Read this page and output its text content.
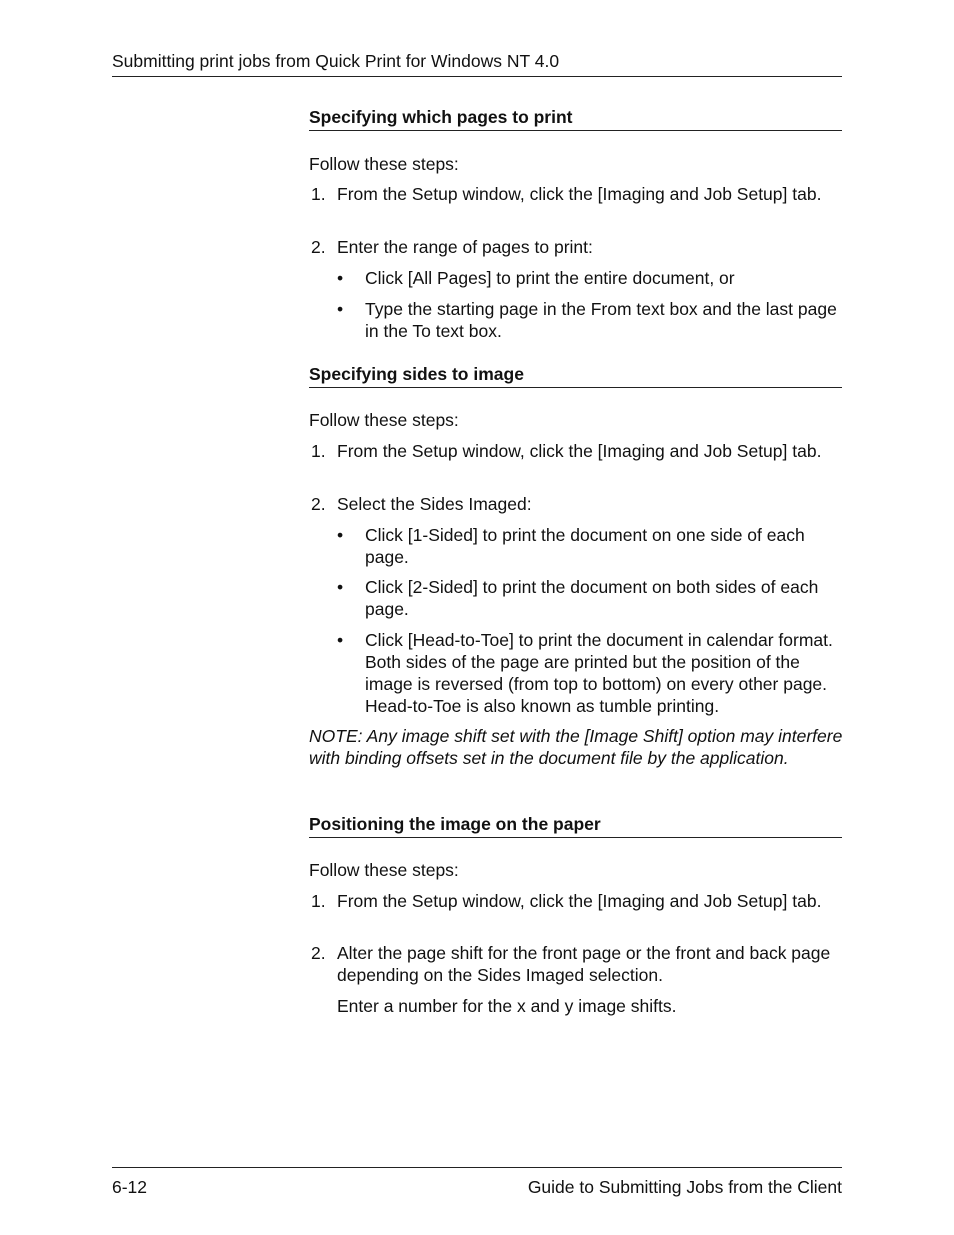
Submitting print jobs from Quick Print for Windows NT 4.0
Specifying which pages to print

Follow these steps:

1. From the Setup window, click the [Imaging and Job Setup] tab.
2. Enter the range of pages to print:
• Click [All Pages] to print the entire document, or
• Type the starting page in the From text box and the last page in the To text box.
Specifying sides to image

Follow these steps:

1. From the Setup window, click the [Imaging and Job Setup] tab.
2. Select the Sides Imaged:
• Click [1-Sided] to print the document on one side of each page.
• Click [2-Sided] to print the document on both sides of each page.
• Click [Head-to-Toe] to print the document in calendar format. Both sides of the page are printed but the position of the image is reversed (from top to bottom) on every other page. Head-to-Toe is also known as tumble printing.

NOTE: Any image shift set with the [Image Shift] option may interfere with binding offsets set in the document file by the application.

Positioning the image on the paper

Follow these steps:

1. From the Setup window, click the [Imaging and Job Setup] tab.
2. Alter the page shift for the front page or the front and back page depending on the Sides Imaged selection.

Enter a number for the x and y image shifts.

6-12	Guide to Submitting Jobs from the Client
